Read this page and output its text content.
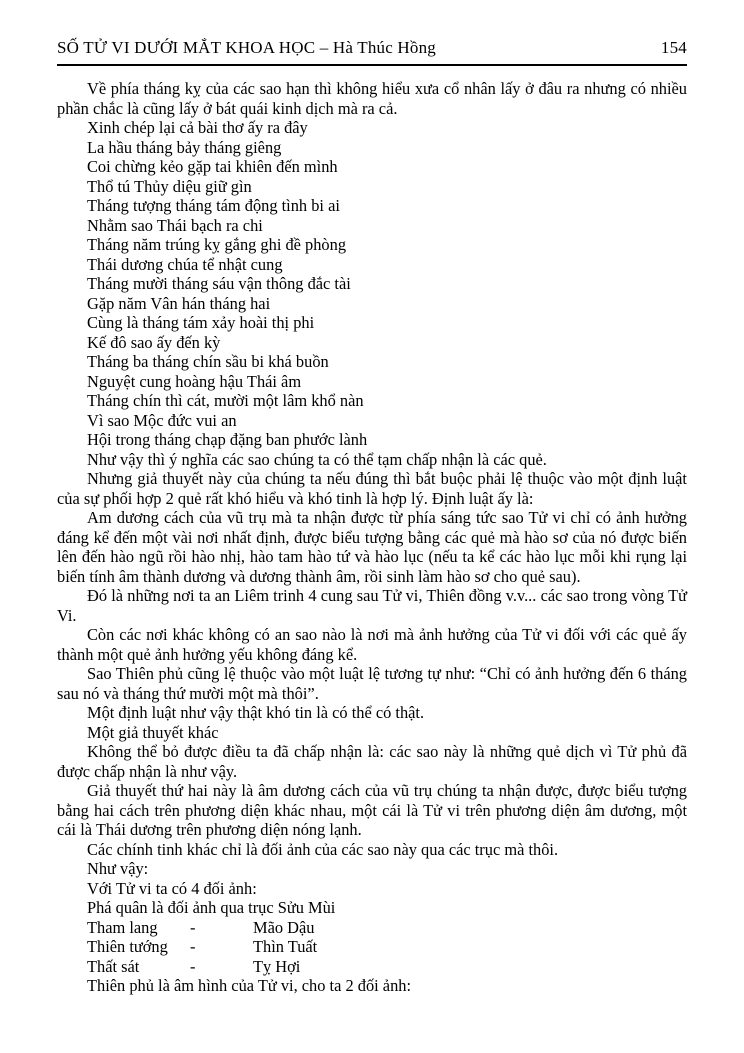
SỐ TỬ VI DƯỚI MẮT KHOA HỌC – Hà Thúc Hồng	154

Về phía tháng kỵ của các sao hạn thì không hiểu xưa cổ nhân lấy ở đâu ra nhưng có nhiều phần chắc là cũng lấy ở bát quái kinh dịch mà ra cả.

Xinh chép lại cả bài thơ ấy ra đây

La hầu tháng bảy tháng giêng

Coi chừng kẻo gặp tai khiên đến mình

Thổ tú Thủy diệu giữ gìn

Tháng tượng tháng tám động tình bi ai

Nhằm sao Thái bạch ra chi

Tháng năm trúng kỵ gắng ghi đề phòng

Thái dương chúa tể nhật cung

Tháng mười tháng sáu vận thông đắc tài

Gặp năm Vân hán tháng hai

Cùng là tháng tám xảy hoài thị phi

Kế đô sao ấy đến kỳ

Tháng ba tháng chín sầu bi khá buồn

Nguyệt cung hoàng hậu Thái âm

Tháng chín thì cát, mười một lâm khổ nàn

Vì sao Mộc đức vui an

Hội trong tháng chạp đặng ban phước lành

Như vậy thì ý nghĩa các sao chúng ta có thể tạm chấp nhận là các quẻ.

Nhưng giả thuyết này của chúng ta nếu đúng thì bắt buộc phải lệ thuộc vào một định luật của sự phối hợp 2 quẻ rất khó hiểu và khó tinh là hợp lý. Định luật ấy là:

Am dương cách của vũ trụ mà ta nhận được từ phía sáng tức sao Tử vi chỉ có ảnh hưởng đáng kể đến một vài nơi nhất định, được biểu tượng bằng các quẻ mà hào sơ của nó được biến lên đến hào ngũ rồi hào nhị, hào tam hào tứ và hào lục (nếu ta kể các hào lục mỗi khi rụng lại biến tính âm thành dương và dương thành âm, rồi sinh làm hào sơ cho quẻ sau).

Đó là những nơi ta an Liêm trinh 4 cung sau Tử vi, Thiên đồng v.v... các sao trong vòng Tử Vi.

Còn các nơi khác không có an sao nào là nơi mà ảnh hưởng của Tử vi đối với các quẻ ấy thành một quẻ ảnh hưởng yếu không đáng kể.

Sao Thiên phủ cũng lệ thuộc vào một luật lệ tương tự như: “Chỉ có ảnh hưởng đến 6 tháng sau nó và tháng thứ mười một mà thôi”.

Một định luật như vậy thật khó tin là có thể có thật.

Một giả thuyết khác

Không thể bỏ được điều ta đã chấp nhận là: các sao này là những quẻ dịch vì Tử phủ đã được chấp nhận là như vậy.

Giả thuyết thứ hai này là âm dương cách của vũ trụ chúng ta nhận được, được biểu tượng bằng hai cách trên phương diện khác nhau, một cái là Tử vi trên phương diện âm dương, một cái là Thái dương trên phương diện nóng lạnh.

Các chính tinh khác chỉ là đối ảnh của các sao này qua các trục mà thôi.

Như vậy:

Với Tử vi ta có 4 đối ảnh:

Phá quân là đối ảnh qua trục Sửu Mùi

Tham lang	-	Mão Dậu
Thiên tướng	-	Thìn Tuất
Thất sát	-	Tỵ Hợi

Thiên phủ là âm hình của Tử vi, cho ta 2 đối ảnh:
